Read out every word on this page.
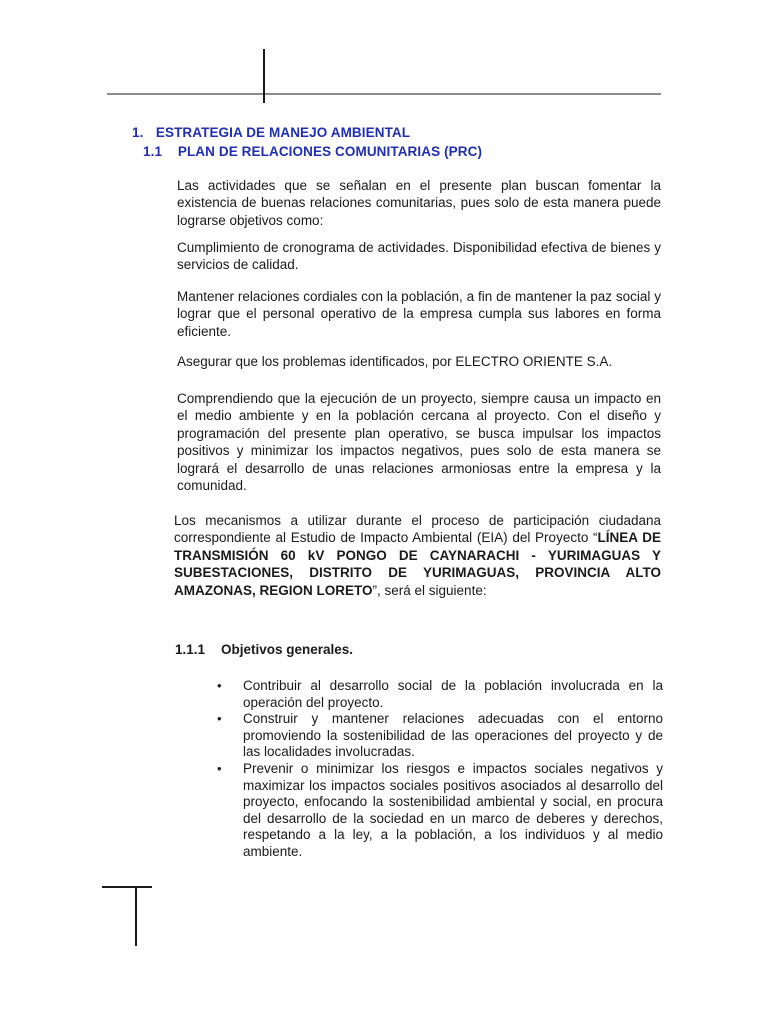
1. ESTRATEGIA DE MANEJO AMBIENTAL
1.1 PLAN DE RELACIONES COMUNITARIAS (PRC)

Las actividades que se señalan en el presente plan buscan fomentar la existencia de buenas relaciones comunitarias, pues solo de esta manera puede lograrse objetivos como:

Cumplimiento de cronograma de actividades. Disponibilidad efectiva de bienes y servicios de calidad.

Mantener relaciones cordiales con la población, a fin de mantener la paz social y lograr que el personal operativo de la empresa cumpla sus labores en forma eficiente.

Asegurar que los problemas identificados, por ELECTRO ORIENTE S.A.

Comprendiendo que la ejecución de un proyecto, siempre causa un impacto en el medio ambiente y en la población cercana al proyecto. Con el diseño y programación del presente plan operativo, se busca impulsar los impactos positivos y minimizar los impactos negativos, pues solo de esta manera se logrará el desarrollo de unas relaciones armoniosas entre la empresa y la comunidad.

Los mecanismos a utilizar durante el proceso de participación ciudadana correspondiente al Estudio de Impacto Ambiental (EIA) del Proyecto “LÍNEA DE TRANSMISIÓN 60 kV PONGO DE CAYNARACHI - YURIMAGUAS Y SUBESTACIONES, DISTRITO DE YURIMAGUAS, PROVINCIA ALTO AMAZONAS, REGION LORETO”, será el siguiente:

1.1.1 Objetivos generales.
• Contribuir al desarrollo social de la población involucrada en la operación del proyecto.
• Construir y mantener relaciones adecuadas con el entorno promoviendo la sostenibilidad de las operaciones del proyecto y de las localidades involucradas.
• Prevenir o minimizar los riesgos e impactos sociales negativos y maximizar los impactos sociales positivos asociados al desarrollo del proyecto, enfocando la sostenibilidad ambiental y social, en procura del desarrollo de la sociedad en un marco de deberes y derechos, respetando a la ley, a la población, a los individuos y al medio ambiente.
